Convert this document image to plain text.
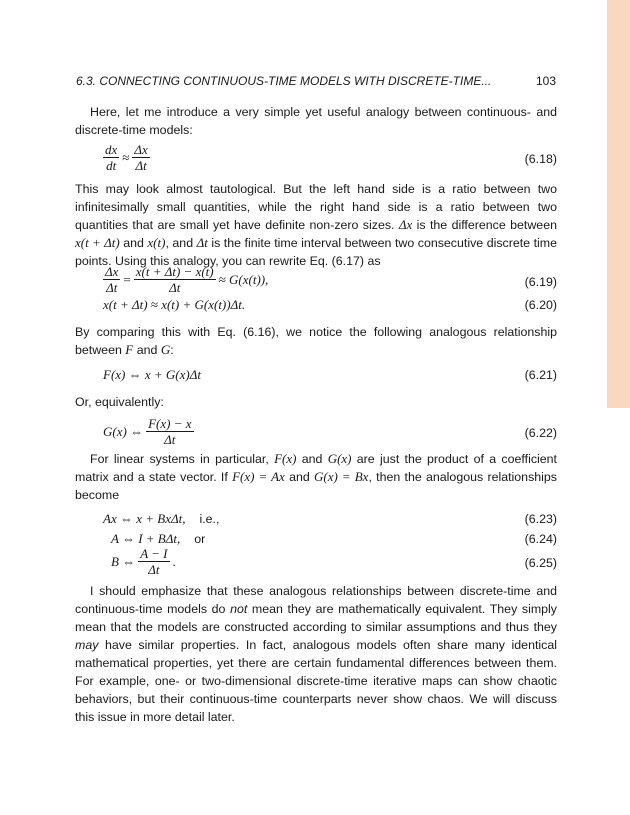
6.3. CONNECTING CONTINUOUS-TIME MODELS WITH DISCRETE-TIME...	103

Here, let me introduce a very simple yet useful analogy between continuous- and discrete-time models:

$\frac{dx}{dt} \approx \frac{\Delta x}{\Delta t}$	(6.18)

This may look almost tautological. But the left hand side is a ratio between two infinitesimally small quantities, while the right hand side is a ratio between two quantities that are small yet have definite non-zero sizes. Δx is the difference between x(t + Δt) and x(t), and Δt is the finite time interval between two consecutive discrete time points. Using this analogy, you can rewrite Eq. (6.17) as

$\frac{\Delta x}{\Delta t} = \frac{x(t + \Delta t) - x(t)}{\Delta t} \approx G(x(t))$,	(6.19)
x(t + Δt) ≈ x(t) + G(x(t))Δt.	(6.20)

By comparing this with Eq. (6.16), we notice the following analogous relationship between F and G:

F(x) ⇔ x + G(x)Δt	(6.21)

Or, equivalently:

G(x) ⇔ $\frac{F(x) - x}{\Delta t}$	(6.22)

For linear systems in particular, F(x) and G(x) are just the product of a coefficient matrix and a state vector. If F(x) = Ax and G(x) = Bx, then the analogous relationships become

Ax ⇔ x + BxΔt, i.e.,	(6.23)
A ⇔ I + BΔt, or	(6.24)
B ⇔ $\frac{A - I}{\Delta t}$ .	(6.25)

I should emphasize that these analogous relationships between discrete-time and continuous-time models do not mean they are mathematically equivalent. They simply mean that the models are constructed according to similar assumptions and thus they may have similar properties. In fact, analogous models often share many identical mathematical properties, yet there are certain fundamental differences between them. For example, one- or two-dimensional discrete-time iterative maps can show chaotic behaviors, but their continuous-time counterparts never show chaos. We will discuss this issue in more detail later.
